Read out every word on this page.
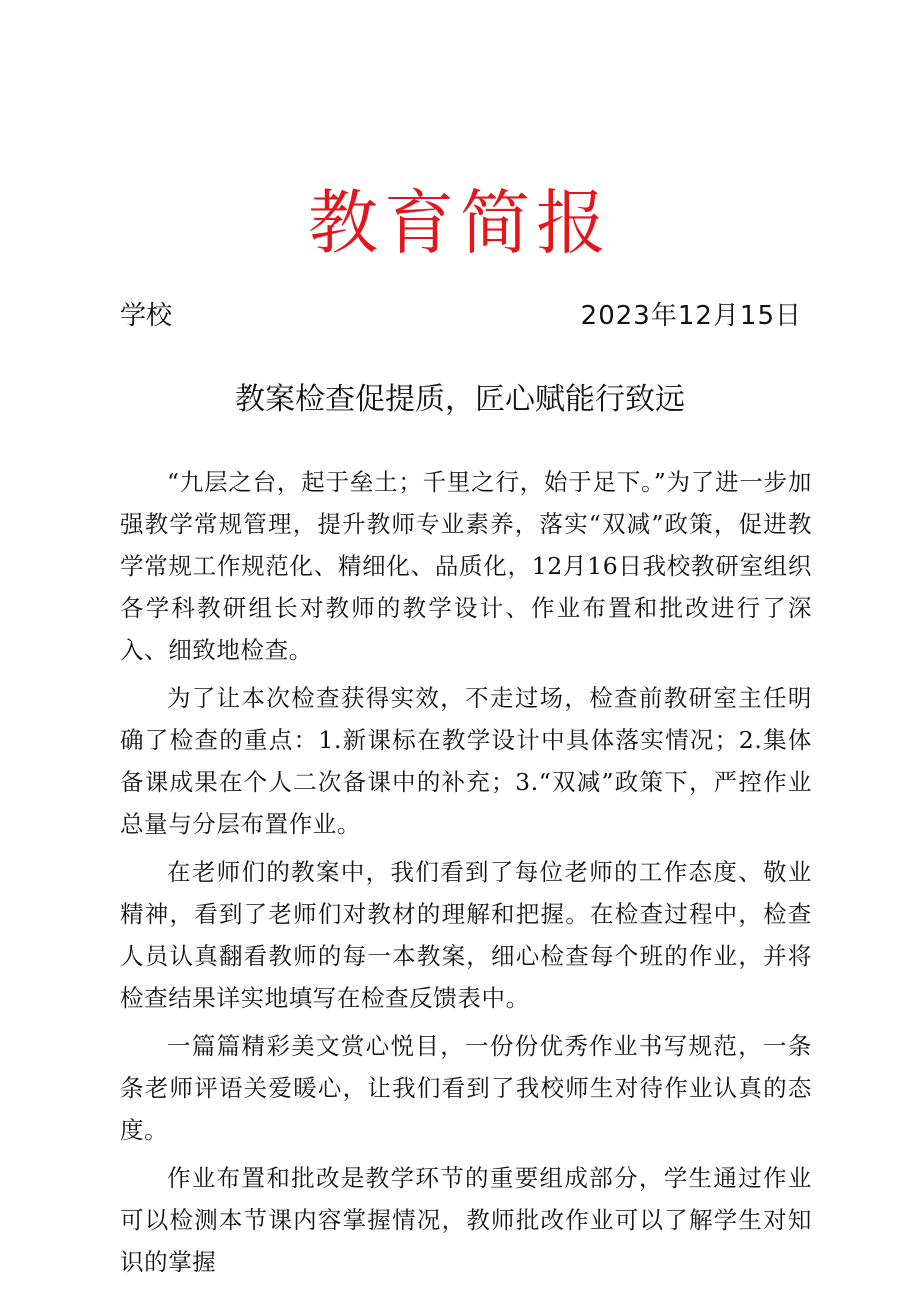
教育简报
学校	2023年12月15日
教案检查促提质，匠心赋能行致远

“九层之台，起于垒土；千里之行，始于足下。”为了进一步加强教学常规管理，提升教师专业素养，落实“双减”政策，促进教学常规工作规范化、精细化、品质化，12月16日我校教研室组织各学科教研组长对教师的教学设计、作业布置和批改进行了深入、细致地检查。

为了让本次检查获得实效，不走过场，检查前教研室主任明确了检查的重点：1.新课标在教学设计中具体落实情况；2.集体备课成果在个人二次备课中的补充；3.“双减”政策下，严控作业总量与分层布置作业。

在老师们的教案中，我们看到了每位老师的工作态度、敬业精神，看到了老师们对教材的理解和把握。在检查过程中，检查人员认真翻看教师的每一本教案，细心检查每个班的作业，并将检查结果详实地填写在检查反馈表中。

一篇篇精彩美文赏心悦目，一份份优秀作业书写规范，一条条老师评语关爱暖心，让我们看到了我校师生对待作业认真的态度。

作业布置和批改是教学环节的重要组成部分，学生通过作业可以检测本节课内容掌握情况，教师批改作业可以了解学生对知识的掌握
